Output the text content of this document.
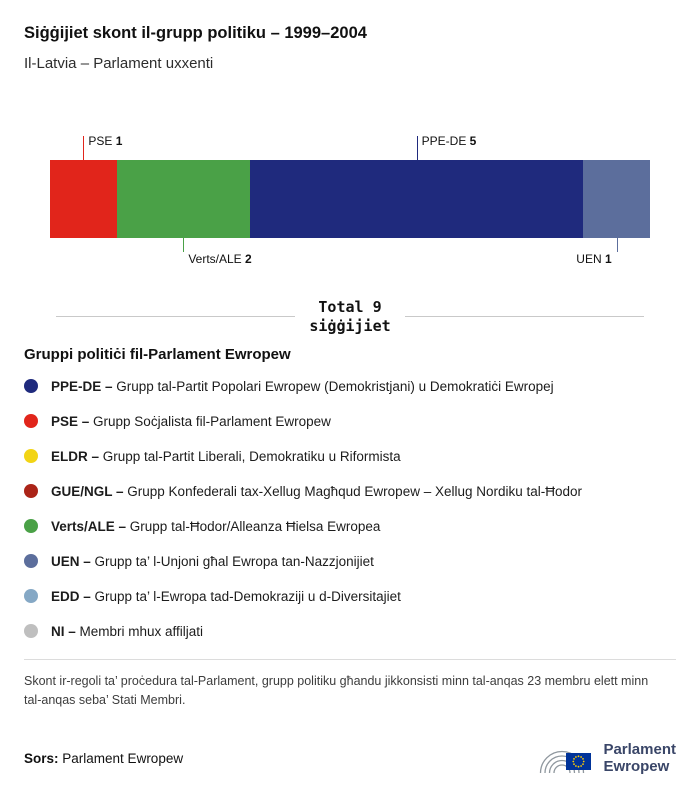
Siġġijiet skont il-grupp politiku – 1999–2004
Il-Latvia – Parlament uxxenti
PSE 1	PPE-DE 5
Verts/ALE 2	UEN 1
Total 9
siġġijiet
Gruppi politiċi fil-Parlament Ewropew
PPE-DE – Grupp tal-Partit Popolari Ewropew (Demokristjani) u Demokratiċi Ewropej
PSE – Grupp Soċjalista fil-Parlament Ewropew
ELDR – Grupp tal-Partit Liberali, Demokratiku u Riformista
GUE/NGL – Grupp Konfederali tax-Xellug Magħqud Ewropew – Xellug Nordiku tal-Ħodor
Verts/ALE – Grupp tal-Ħodor/Alleanza Ħielsa Ewropea
UEN – Grupp ta’ l-Unjoni għal Ewropa tan-Nazzjonijiet
EDD – Grupp ta’ l-Ewropa tad-Demokraziji u d-Diversitajiet
NI – Membri mhux affiljati

Skont ir-regoli ta’ proċedura tal-Parlament, grupp politiku għandu jikkonsisti minn tal-anqas 23 membru elett minn tal-anqas seba’ Stati Membri.

Sors: Parlament Ewropew

Parlament
Ewropew
